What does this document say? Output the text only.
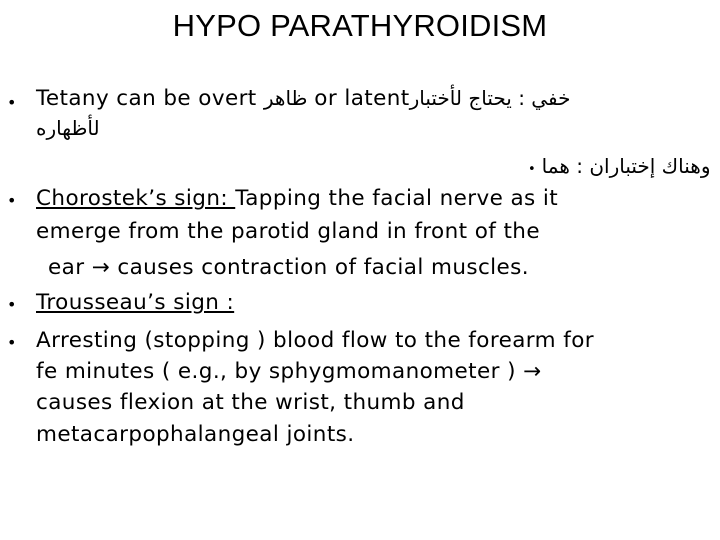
HYPO PARATHYROIDISM
• Tetany can be overt ظاهر or latentخفي : يحتاج لأختبار
لأظهاره
• وهناك إختباران : هما
• Chorostek’s sign: Tapping the facial nerve as it
emerge from the parotid gland in front of the
ear → causes contraction of facial muscles.
• Trousseau’s sign :
• Arresting (stopping ) blood flow to the forearm for
fe minutes ( e.g., by sphygmomanometer ) →
causes flexion at the wrist, thumb and
metacarpophalangeal joints.
